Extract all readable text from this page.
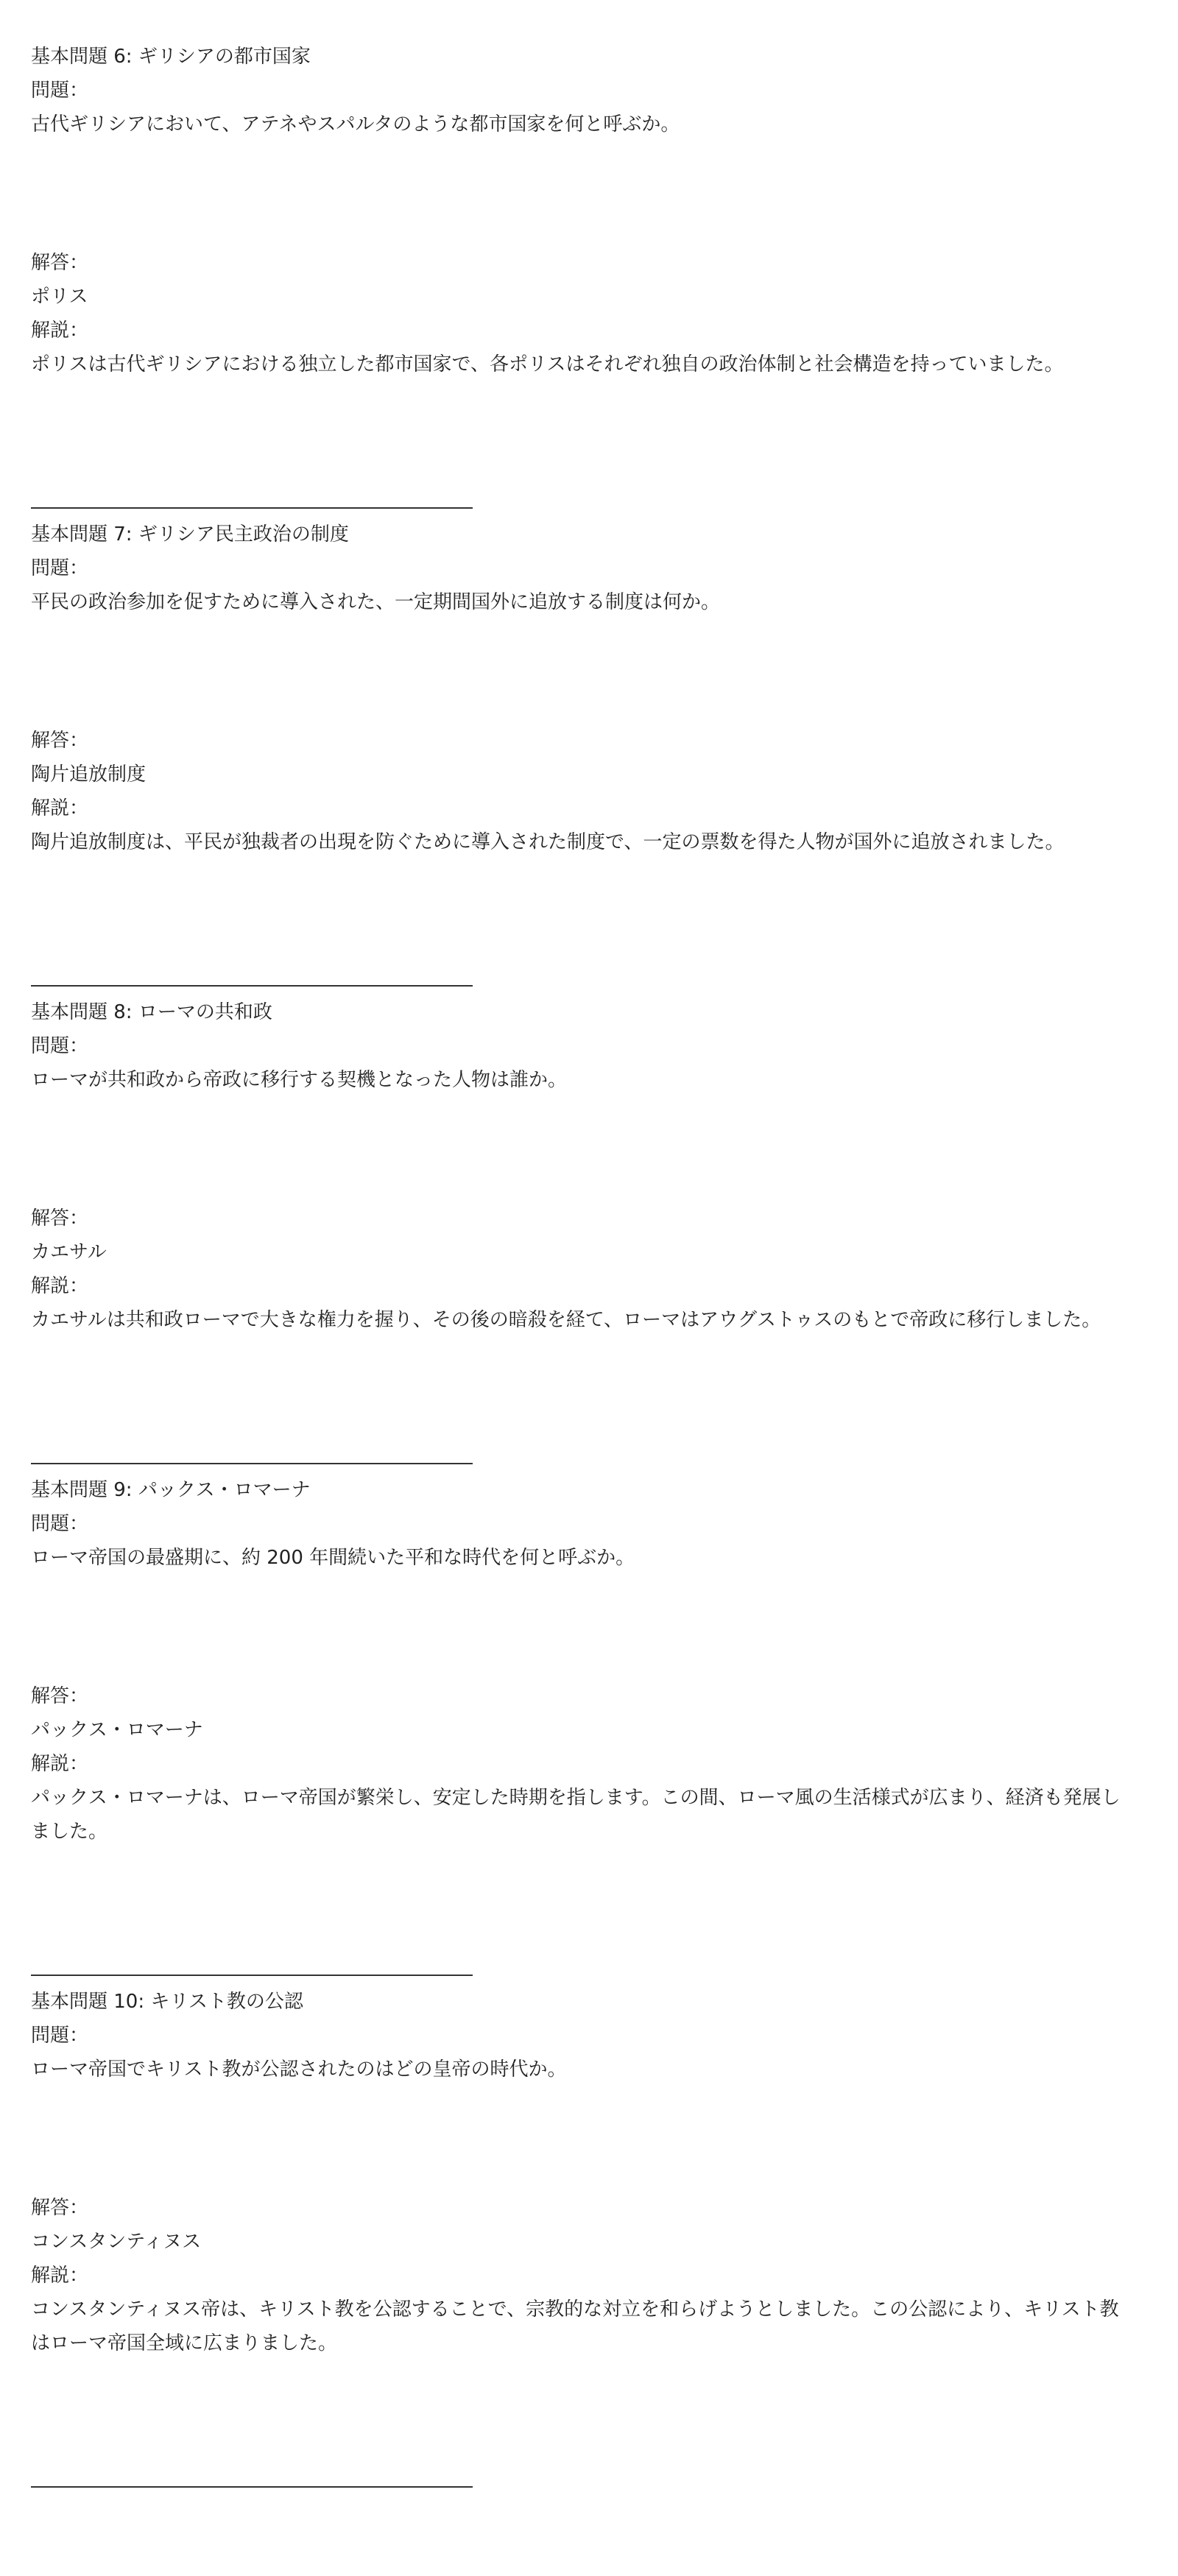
基本問題 6: ギリシアの都市国家
問題：
古代ギリシアにおいて、アテネやスパルタのような都市国家を何と呼ぶか。
解答：
ポリス
解説：
ポリスは古代ギリシアにおける独立した都市国家で、各ポリスはそれぞれ独自の政治体制と社会構造を持っていました。
基本問題 7: ギリシア民主政治の制度
問題：
平民の政治参加を促すために導入された、一定期間国外に追放する制度は何か。
解答：
陶片追放制度
解説：
陶片追放制度は、平民が独裁者の出現を防ぐために導入された制度で、一定の票数を得た人物が国外に追放されました。
基本問題 8: ローマの共和政
問題：
ローマが共和政から帝政に移行する契機となった人物は誰か。
解答：
カエサル
解説：
カエサルは共和政ローマで大きな権力を握り、その後の暗殺を経て、ローマはアウグストゥスのもとで帝政に移行しました。
基本問題 9: パックス・ロマーナ
問題：
ローマ帝国の最盛期に、約 200 年間続いた平和な時代を何と呼ぶか。
解答：
パックス・ロマーナ
解説：
パックス・ロマーナは、ローマ帝国が繁栄し、安定した時期を指します。この間、ローマ風の生活様式が広まり、経済も発展しました。
基本問題 10: キリスト教の公認
問題：
ローマ帝国でキリスト教が公認されたのはどの皇帝の時代か。
解答：
コンスタンティヌス
解説：
コンスタンティヌス帝は、キリスト教を公認することで、宗教的な対立を和らげようとしました。この公認により、キリスト教はローマ帝国全域に広まりました。
